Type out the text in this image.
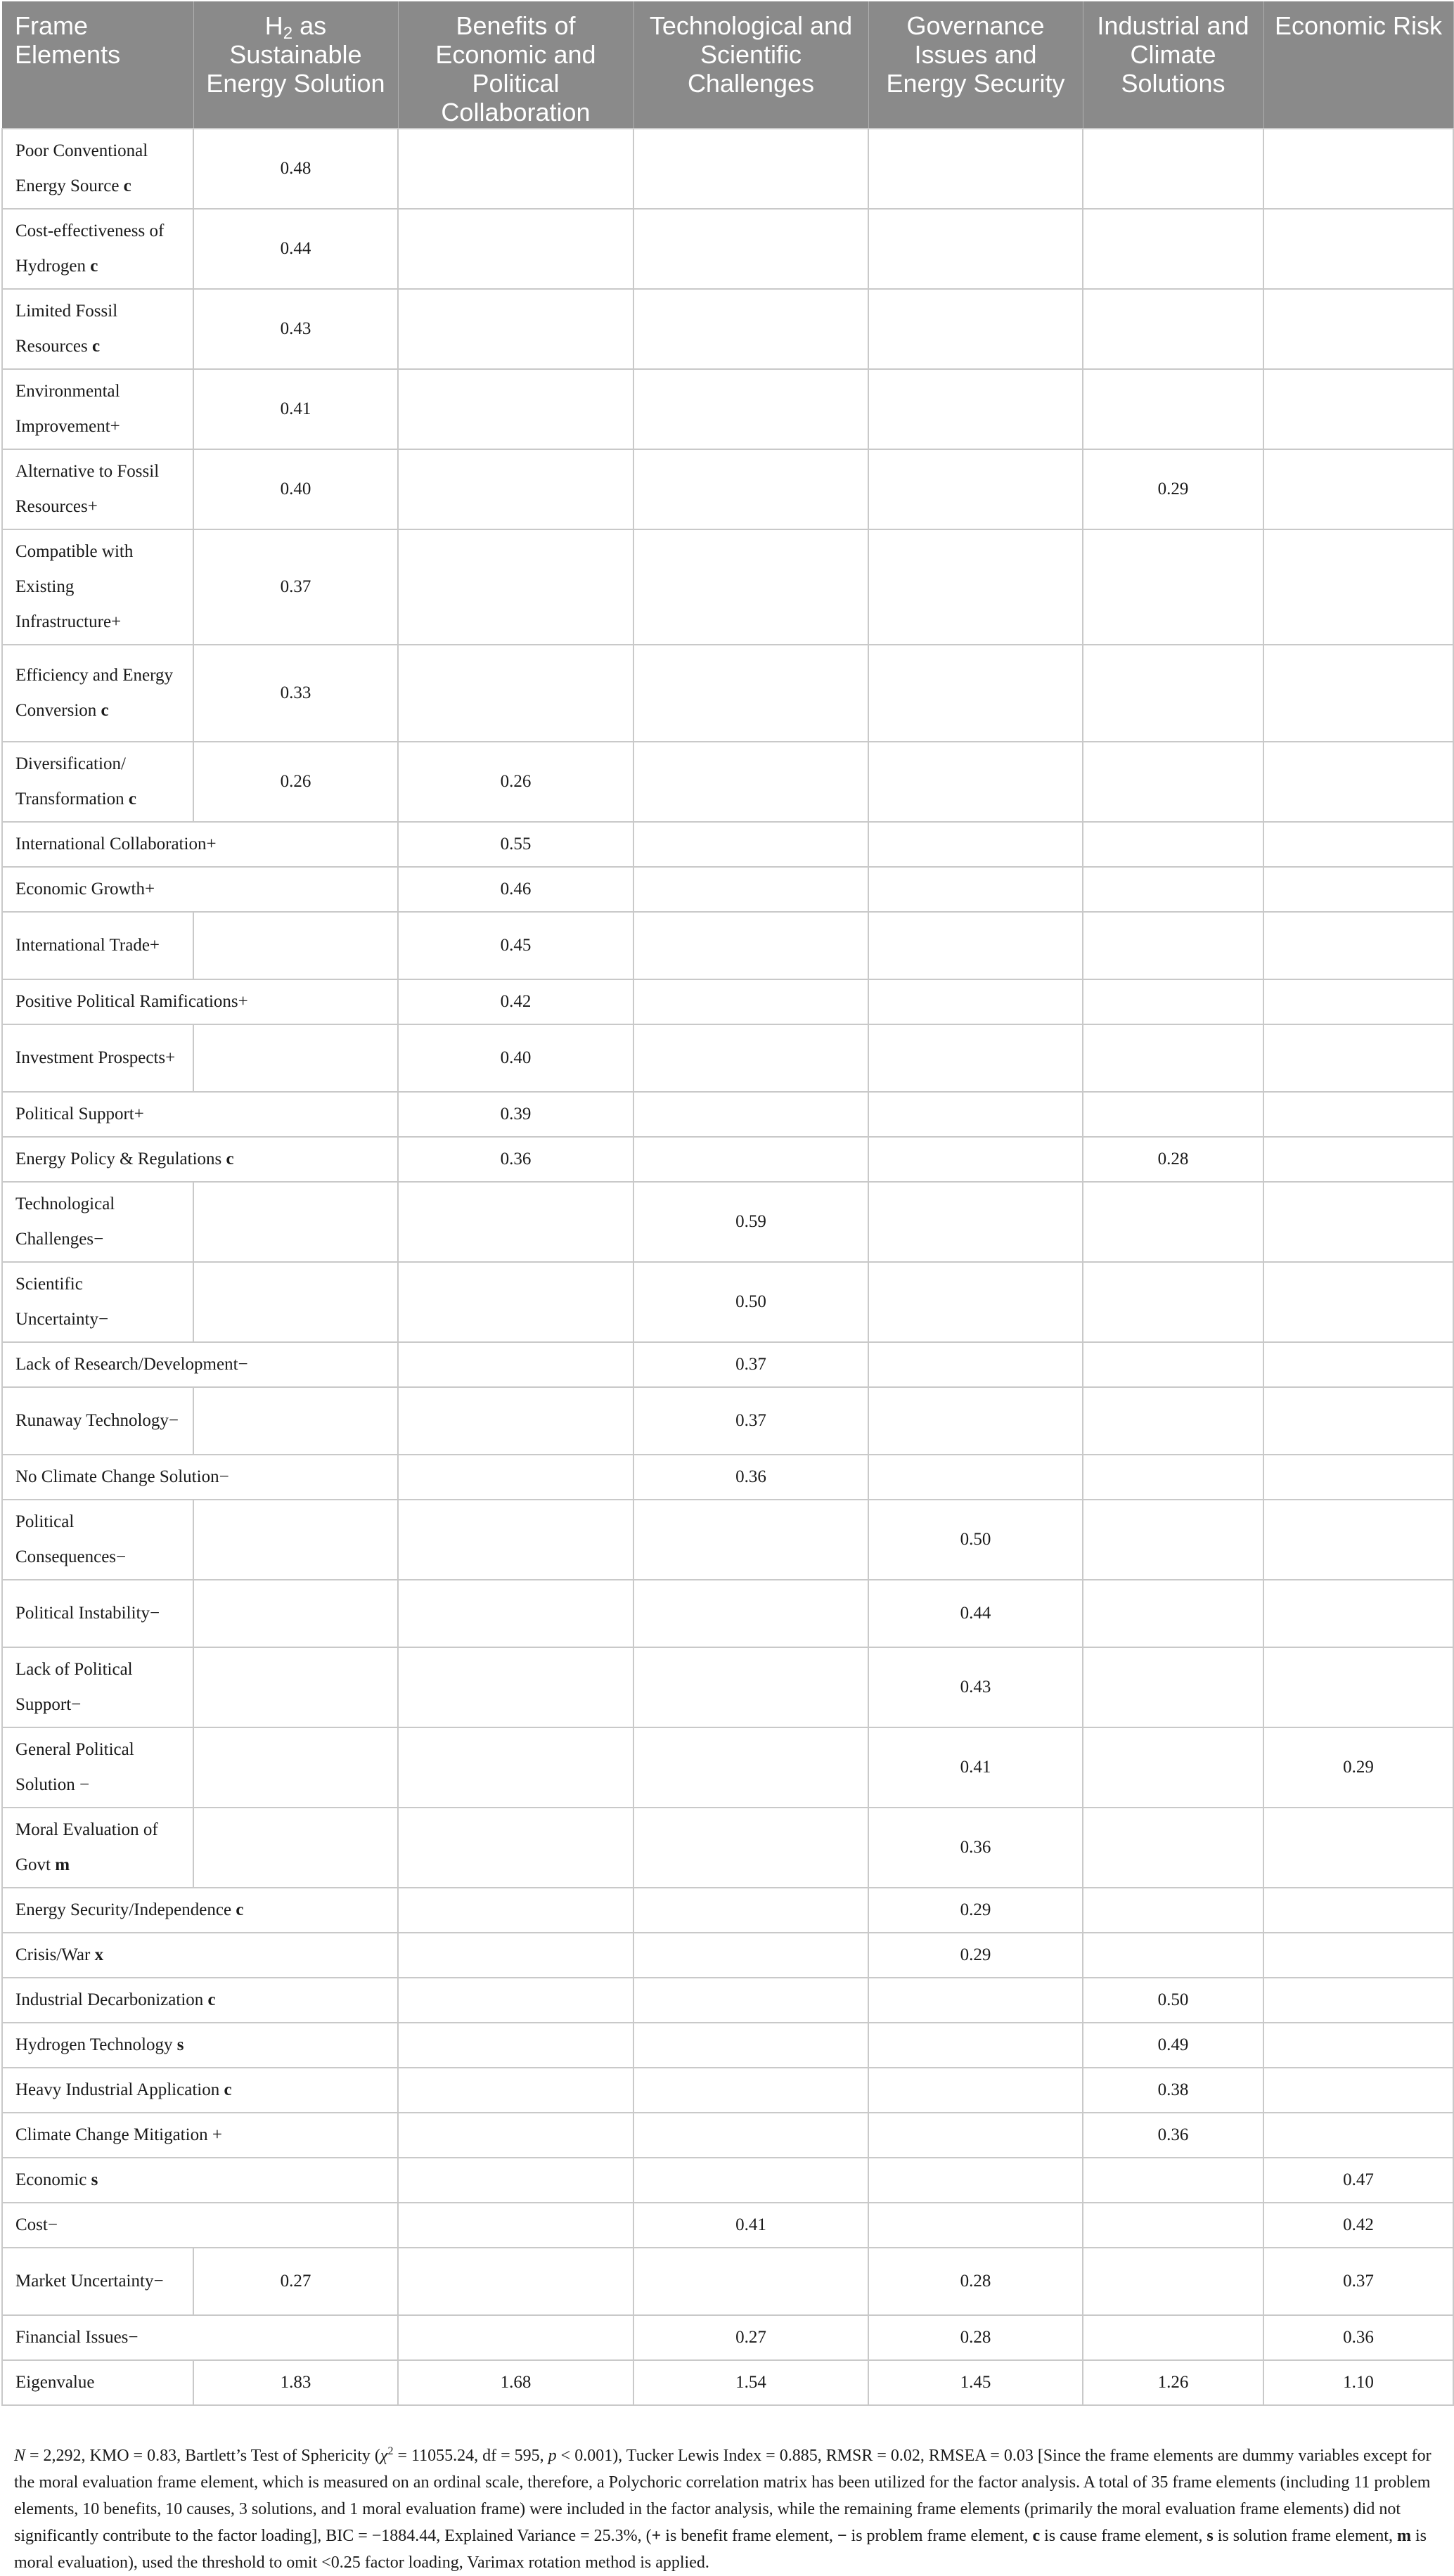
Frame Elements	$H_2$ as Sustainable Energy Solution	Benefits of Economic and Political Collaboration	Technological and Scientific Challenges	Governance Issues and Energy Security	Industrial and Climate Solutions	Economic Risk
Poor Conventional Energy Source c	0.48					
Cost-effectiveness of Hydrogen c	0.44					
Limited Fossil Resources c	0.43					
Environmental Improvement+	0.41					
Alternative to Fossil Resources+	0.40				0.29	
Compatible with Existing Infrastructure+	0.37					
Efficiency and Energy Conversion c	0.33					
Diversification/ Transformation c	0.26	0.26				
International Collaboration+		0.55				
Economic Growth+		0.46				
International Trade+		0.45				
Positive Political Ramifications+		0.42				
Investment Prospects+		0.40				
Political Support+		0.39				
Energy Policy & Regulations c		0.36			0.28	
Technological Challenges−			0.59			
Scientific Uncertainty−			0.50			
Lack of Research/Development−			0.37			
Runaway Technology−			0.37			
No Climate Change Solution−			0.36			
Political Consequences−				0.50		
Political Instability−				0.44		
Lack of Political Support−				0.43		
General Political Solution −				0.41		0.29
Moral Evaluation of Govt m				0.36		
Energy Security/Independence c				0.29		
Crisis/War x				0.29		
Industrial Decarbonization c					0.50	
Hydrogen Technology s					0.49	
Heavy Industrial Application c					0.38	
Climate Change Mitigation +					0.36	
Economic s						0.47
Cost−			0.41			0.42
Market Uncertainty−	0.27			0.28		0.37
Financial Issues−			0.27	0.28		0.36
Eigenvalue	1.83	1.68	1.54	1.45	1.26	1.10
N = 2,292, KMO = 0.83, Bartlett’s Test of Sphericity ($\chi^2 = 11055.24$, df = 595, p < 0.001), Tucker Lewis Index = 0.885, RMSR = 0.02, RMSEA = 0.03 [Since the frame elements are dummy variables except for the moral evaluation frame element, which is measured on an ordinal scale, therefore, a Polychoric correlation matrix has been utilized for the factor analysis. A total of 35 frame elements (including 11 problem elements, 10 benefits, 10 causes, 3 solutions, and 1 moral evaluation frame) were included in the factor analysis, while the remaining frame elements (primarily the moral evaluation frame elements) did not significantly contribute to the factor loading], BIC = −1884.44, Explained Variance = 25.3%, (+ is benefit frame element, − is problem frame element, c is cause frame element, s is solution frame element, m is moral evaluation), used the threshold to omit <0.25 factor loading, Varimax rotation method is applied.
